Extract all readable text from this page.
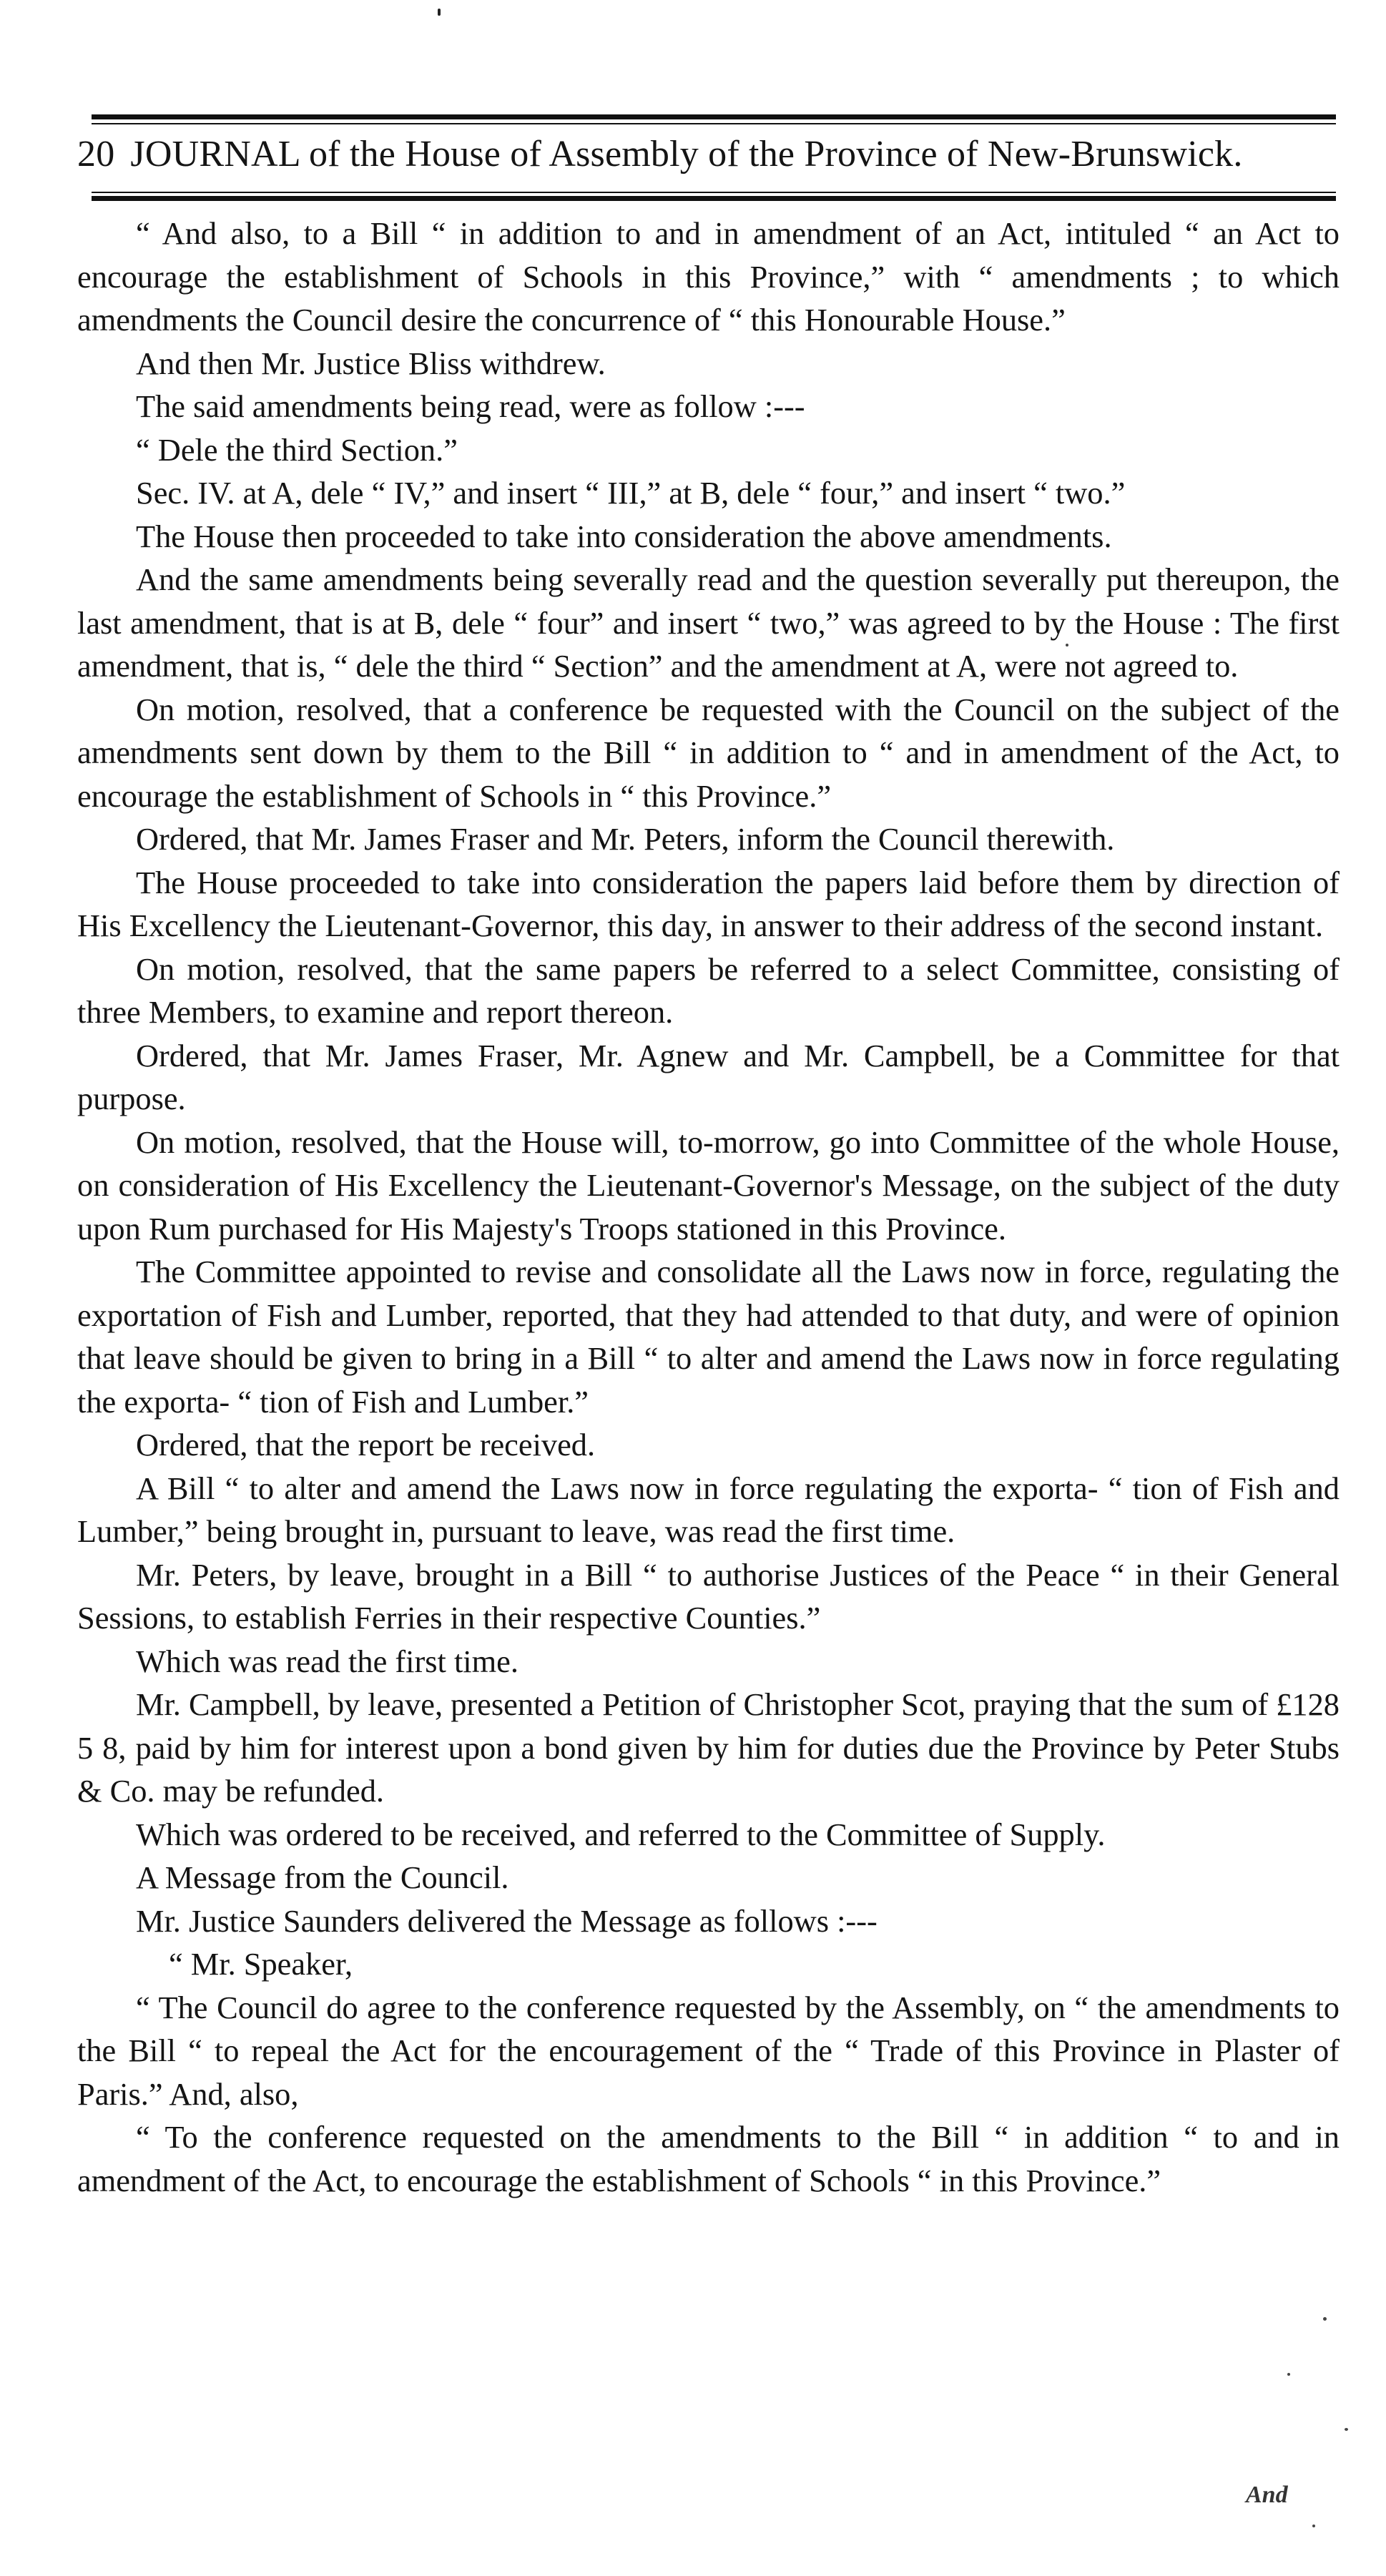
20 JOURNAL of the House of Assembly of the Province of New-Brunswick.

“ And also, to a Bill “ in addition to and in amendment of an Act, intituled “ an Act to encourage the establishment of Schools in this Province,” with “ amendments ; to which amendments the Council desire the concurrence of “ this Honourable House.”

And then Mr. Justice Bliss withdrew.

The said amendments being read, were as follow :---

“ Dele the third Section.”

Sec. IV. at A, dele “ IV,” and insert “ III,” at B, dele “ four,” and insert “ two.”

The House then proceeded to take into consideration the above amendments.

And the same amendments being severally read and the question severally put thereupon, the last amendment, that is at B, dele “ four” and insert “ two,” was agreed to by the House : The first amendment, that is, “ dele the third “ Section” and the amendment at A, were not agreed to.

On motion, resolved, that a conference be requested with the Council on the subject of the amendments sent down by them to the Bill “ in addition to “ and in amendment of the Act, to encourage the establishment of Schools in “ this Province.”

Ordered, that Mr. James Fraser and Mr. Peters, inform the Council therewith.

The House proceeded to take into consideration the papers laid before them by direction of His Excellency the Lieutenant-Governor, this day, in answer to their address of the second instant.

On motion, resolved, that the same papers be referred to a select Committee, consisting of three Members, to examine and report thereon.

Ordered, that Mr. James Fraser, Mr. Agnew and Mr. Campbell, be a Committee for that purpose.

On motion, resolved, that the House will, to-morrow, go into Committee of the whole House, on consideration of His Excellency the Lieutenant-Governor's Message, on the subject of the duty upon Rum purchased for His Majesty's Troops stationed in this Province.

The Committee appointed to revise and consolidate all the Laws now in force, regulating the exportation of Fish and Lumber, reported, that they had attended to that duty, and were of opinion that leave should be given to bring in a Bill “ to alter and amend the Laws now in force regulating the exporta- “ tion of Fish and Lumber.”

Ordered, that the report be received.

A Bill “ to alter and amend the Laws now in force regulating the exporta- “ tion of Fish and Lumber,” being brought in, pursuant to leave, was read the first time.

Mr. Peters, by leave, brought in a Bill “ to authorise Justices of the Peace “ in their General Sessions, to establish Ferries in their respective Counties.”

Which was read the first time.

Mr. Campbell, by leave, presented a Petition of Christopher Scot, praying that the sum of £128 5 8, paid by him for interest upon a bond given by him for duties due the Province by Peter Stubs & Co. may be refunded.

Which was ordered to be received, and referred to the Committee of Supply.

A Message from the Council.

Mr. Justice Saunders delivered the Message as follows :---

“ Mr. Speaker,

“ The Council do agree to the conference requested by the Assembly, on “ the amendments to the Bill “ to repeal the Act for the encouragement of the “ Trade of this Province in Plaster of Paris.” And, also,

“ To the conference requested on the amendments to the Bill “ in addition “ to and in amendment of the Act, to encourage the establishment of Schools “ in this Province.”

And
